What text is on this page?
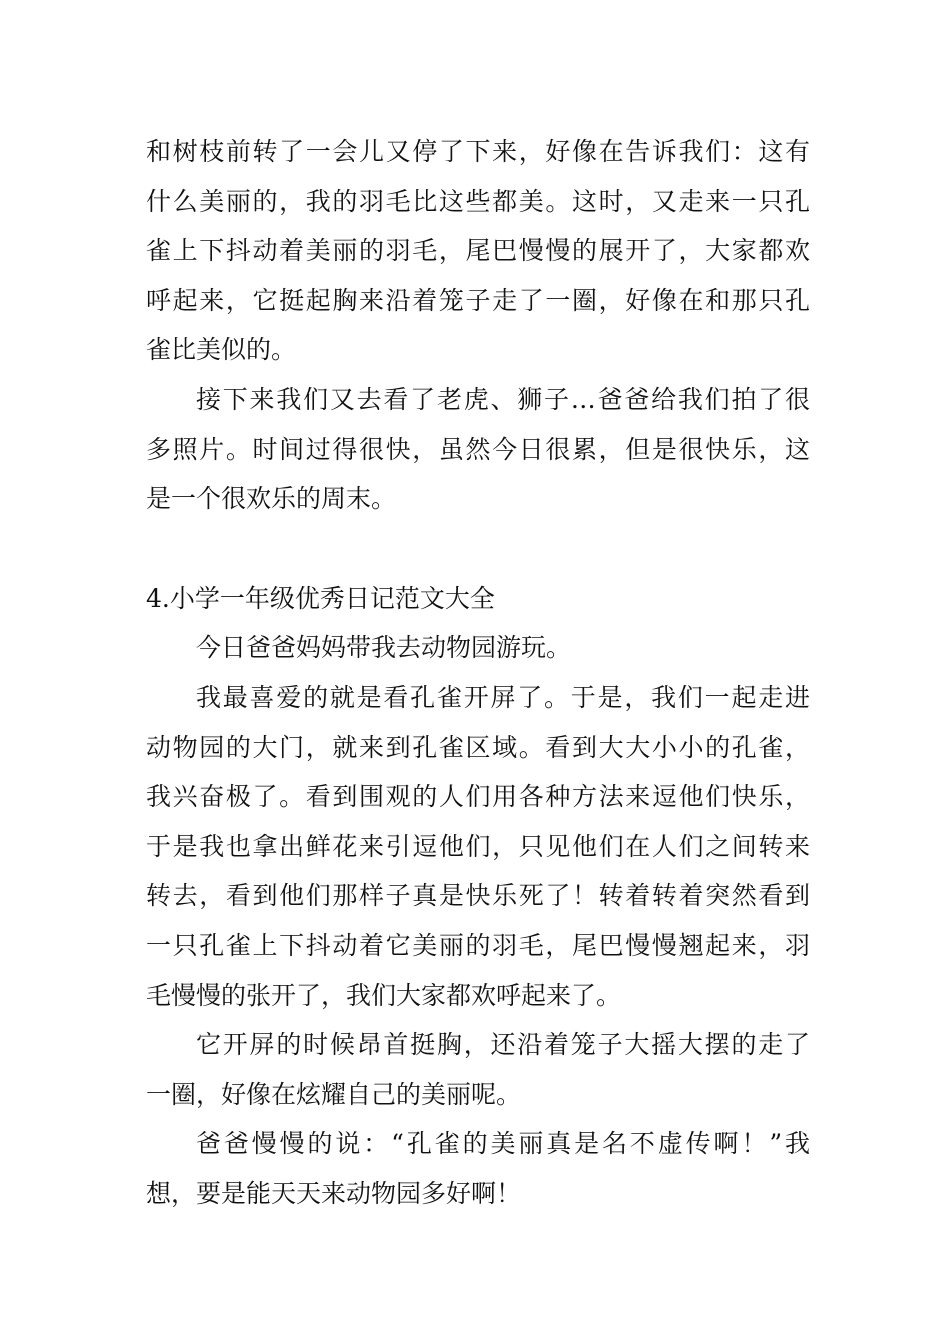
和树枝前转了一会儿又停了下来，好像在告诉我们：这有
什么美丽的，我的羽毛比这些都美。这时，又走来一只孔
雀上下抖动着美丽的羽毛，尾巴慢慢的展开了，大家都欢
呼起来，它挺起胸来沿着笼子走了一圈，好像在和那只孔
雀比美似的。
接下来我们又去看了老虎、狮子…爸爸给我们拍了很
多照片。时间过得很快，虽然今日很累，但是很快乐，这
是一个很欢乐的周末。
4.小学一年级优秀日记范文大全
今日爸爸妈妈带我去动物园游玩。
我最喜爱的就是看孔雀开屏了。于是，我们一起走进
动物园的大门，就来到孔雀区域。看到大大小小的孔雀，
我兴奋极了。看到围观的人们用各种方法来逗他们快乐，
于是我也拿出鲜花来引逗他们，只见他们在人们之间转来
转去，看到他们那样子真是快乐死了！转着转着突然看到
一只孔雀上下抖动着它美丽的羽毛，尾巴慢慢翘起来，羽
毛慢慢的张开了，我们大家都欢呼起来了。
它开屏的时候昂首挺胸，还沿着笼子大摇大摆的走了
一圈，好像在炫耀自己的美丽呢。
爸爸慢慢的说：“孔雀的美丽真是名不虚传啊！”我
想，要是能天天来动物园多好啊！
